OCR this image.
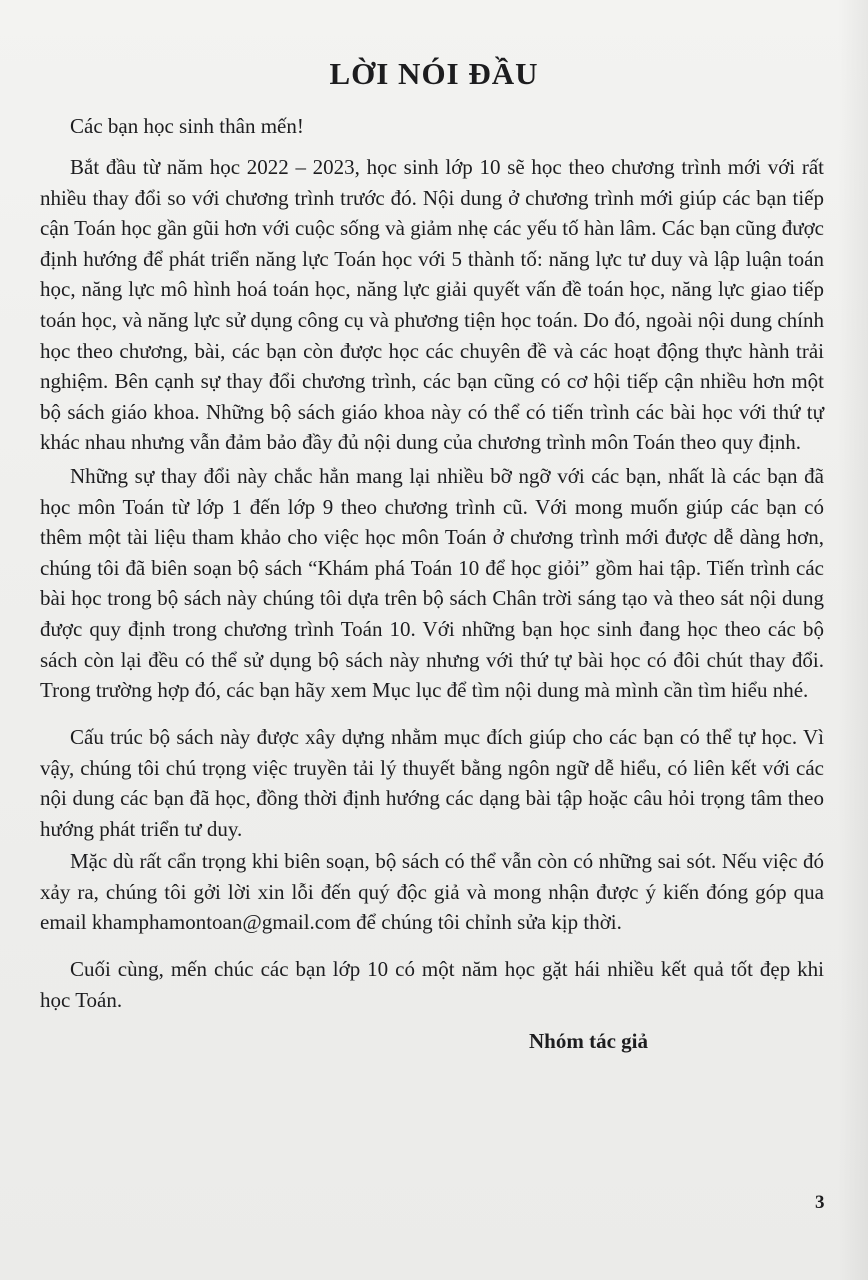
LỜI NÓI ĐẦU

Các bạn học sinh thân mến!

Bắt đầu từ năm học 2022 – 2023, học sinh lớp 10 sẽ học theo chương trình mới với rất nhiều thay đổi so với chương trình trước đó. Nội dung ở chương trình mới giúp các bạn tiếp cận Toán học gần gũi hơn với cuộc sống và giảm nhẹ các yếu tố hàn lâm. Các bạn cũng được định hướng để phát triển năng lực Toán học với 5 thành tố: năng lực tư duy và lập luận toán học, năng lực mô hình hoá toán học, năng lực giải quyết vấn đề toán học, năng lực giao tiếp toán học, và năng lực sử dụng công cụ và phương tiện học toán. Do đó, ngoài nội dung chính học theo chương, bài, các bạn còn được học các chuyên đề và các hoạt động thực hành trải nghiệm. Bên cạnh sự thay đổi chương trình, các bạn cũng có cơ hội tiếp cận nhiều hơn một bộ sách giáo khoa. Những bộ sách giáo khoa này có thể có tiến trình các bài học với thứ tự khác nhau nhưng vẫn đảm bảo đầy đủ nội dung của chương trình môn Toán theo quy định.

Những sự thay đổi này chắc hẳn mang lại nhiều bỡ ngỡ với các bạn, nhất là các bạn đã học môn Toán từ lớp 1 đến lớp 9 theo chương trình cũ. Với mong muốn giúp các bạn có thêm một tài liệu tham khảo cho việc học môn Toán ở chương trình mới được dễ dàng hơn, chúng tôi đã biên soạn bộ sách “Khám phá Toán 10 để học giỏi” gồm hai tập. Tiến trình các bài học trong bộ sách này chúng tôi dựa trên bộ sách Chân trời sáng tạo và theo sát nội dung được quy định trong chương trình Toán 10. Với những bạn học sinh đang học theo các bộ sách còn lại đều có thể sử dụng bộ sách này nhưng với thứ tự bài học có đôi chút thay đổi. Trong trường hợp đó, các bạn hãy xem Mục lục để tìm nội dung mà mình cần tìm hiểu nhé.

Cấu trúc bộ sách này được xây dựng nhằm mục đích giúp cho các bạn có thể tự học. Vì vậy, chúng tôi chú trọng việc truyền tải lý thuyết bằng ngôn ngữ dễ hiểu, có liên kết với các nội dung các bạn đã học, đồng thời định hướng các dạng bài tập hoặc câu hỏi trọng tâm theo hướng phát triển tư duy.

Mặc dù rất cẩn trọng khi biên soạn, bộ sách có thể vẫn còn có những sai sót. Nếu việc đó xảy ra, chúng tôi gởi lời xin lỗi đến quý độc giả và mong nhận được ý kiến đóng góp qua email khamphamontoan@gmail.com để chúng tôi chỉnh sửa kịp thời.

Cuối cùng, mến chúc các bạn lớp 10 có một năm học gặt hái nhiều kết quả tốt đẹp khi học Toán.

Nhóm tác giả

3
